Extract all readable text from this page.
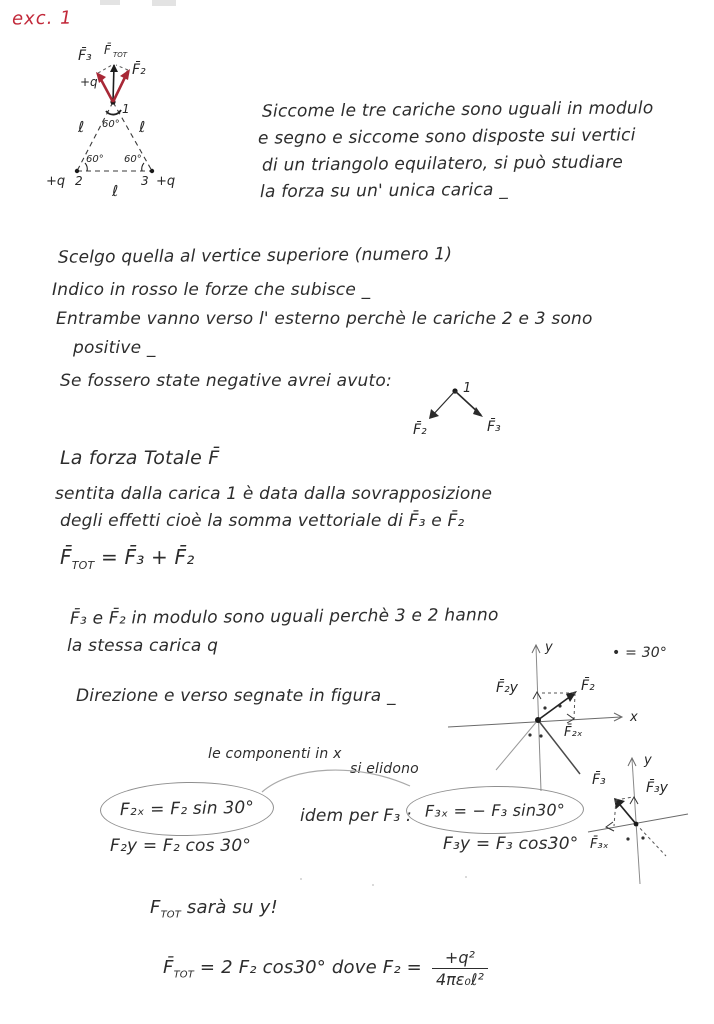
exc. 1
F̄₃ F̄ TOT
F̄₂
+q
1
60°
ℓ	ℓ
60° 60°
+q 2	3 +q
ℓ
Siccome le tre cariche sono uguali in modulo
e segno e siccome sono disposte sui vertici
di un triangolo equilatero, si può studiare
la forza su un' unica carica _
Scelgo quella al vertice superiore (numero 1)
Indico in rosso le forze che subisce _
Entrambe vanno verso l' esterno perchè le cariche 2 e 3 sono
positive _
Se fossero state negative avrei avuto:	1
F̄₂	F̄₃
La forza Totale F̄
sentita dalla carica 1 è data dalla sovrapposizione
degli effetti cioè la somma vettoriale di F̄₃ e F̄₂
$F̄_{TOT}$ = F̄₃ + F̄₂
F̄₃ e F̄₂ in modulo sono uguali perchè 3 e 2 hanno
la stessa carica q
Direzione e verso segnate in figura _
• = 30°
y
x
F̄₂
F̄₂y
F̄₂ₓ
le componenti in x
si elidono
F₂ₓ = F₂ sin 30°
F₂y = F₂ cos 30°
idem per F₃ : F₃ₓ = − F₃ sin30°
F₃y = F₃ cos30°
y
F̄₃	F̄₃y
F̄₃ₓ
$F_{TOT}$ sarà su y!
$F̄_{TOT} = 2$ F₂ cos30° dove $F_2 = \frac{\text{+q²}}{\text{4πε₀ℓ²}}$
